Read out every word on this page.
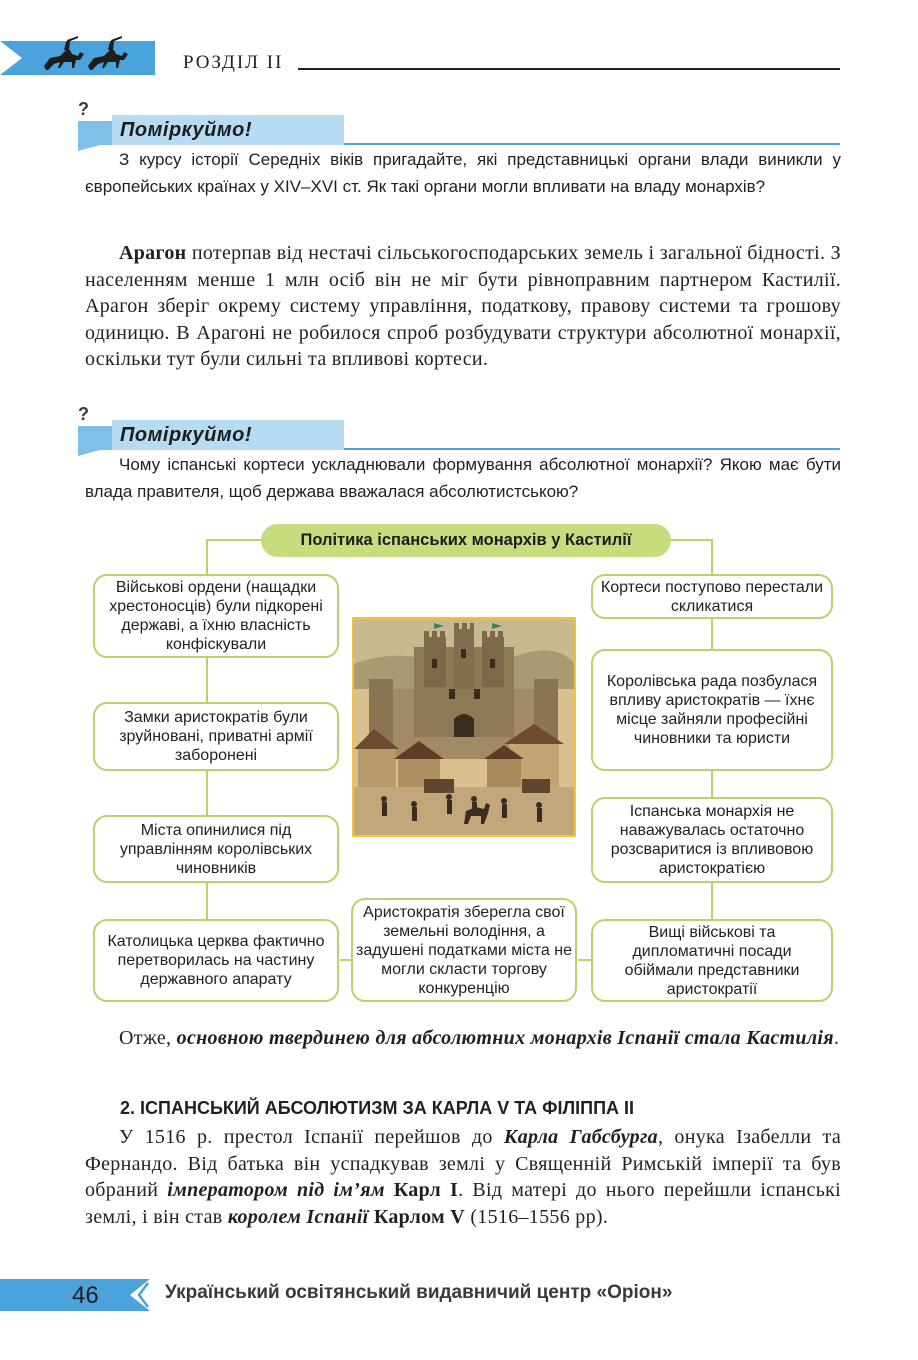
РОЗДІЛ ІІ
?
Поміркуймо!
З курсу історії Середніх віків пригадайте, які представницькі органи влади виникли у європейських країнах у XIV–XVI ст. Як такі органи могли впливати на владу монархів?
Арагон потерпав від нестачі сільськогосподарських земель і загальної бідності. З населенням менше 1 млн осіб він не міг бути рівноправним партнером Кастилії. Арагон зберіг окрему систему управління, податкову, правову системи та грошову одиницю. В Арагоні не робилося спроб розбудувати структури абсолютної монархії, оскільки тут були сильні та впливові кортеси.
?
Поміркуймо!
Чому іспанські кортеси ускладнювали формування абсолютної монархії? Якою має бути влада правителя, щоб держава вважалася абсолютистською?
Політика іспанських монархів у Кастилії
Військові ордени (нащадки хрестоносців) були підкорені державі, а їхню власність конфіскували
Замки аристократів були зруйновані, приватні армії заборонені
Міста опинилися під управлінням королівських чиновників
Католицька церква фактично перетворилась на частину державного апарату
Кортеси поступово перестали скликатися
Королівська рада позбулася впливу аристократів — їхнє місце зайняли професійні чиновники та юристи
Іспанська монархія не наважувалась остаточно розсваритися із впливовою аристократією
Вищі військові та дипломатичні посади обіймали представники аристократії
Аристократія зберегла свої земельні володіння, а задушені податками міста не могли скласти торгову конкуренцію
Отже, основною твердинею для абсолютних монархів Іспанії стала Кастилія.
2. ІСПАНСЬКИЙ АБСОЛЮТИЗМ ЗА КАРЛА V ТА ФІЛІППА II
У 1516 р. престол Іспанії перейшов до Карла Габсбурга, онука Ізабелли та Фернандо. Від батька він успадкував землі у Священній Римській імперії та був обраний імператором під ім’ям Карл І. Від матері до нього перейшли іспанські землі, і він став королем Іспанії Карлом V (1516–1556 рр).
46	Український освітянський видавничий центр «Оріон»
